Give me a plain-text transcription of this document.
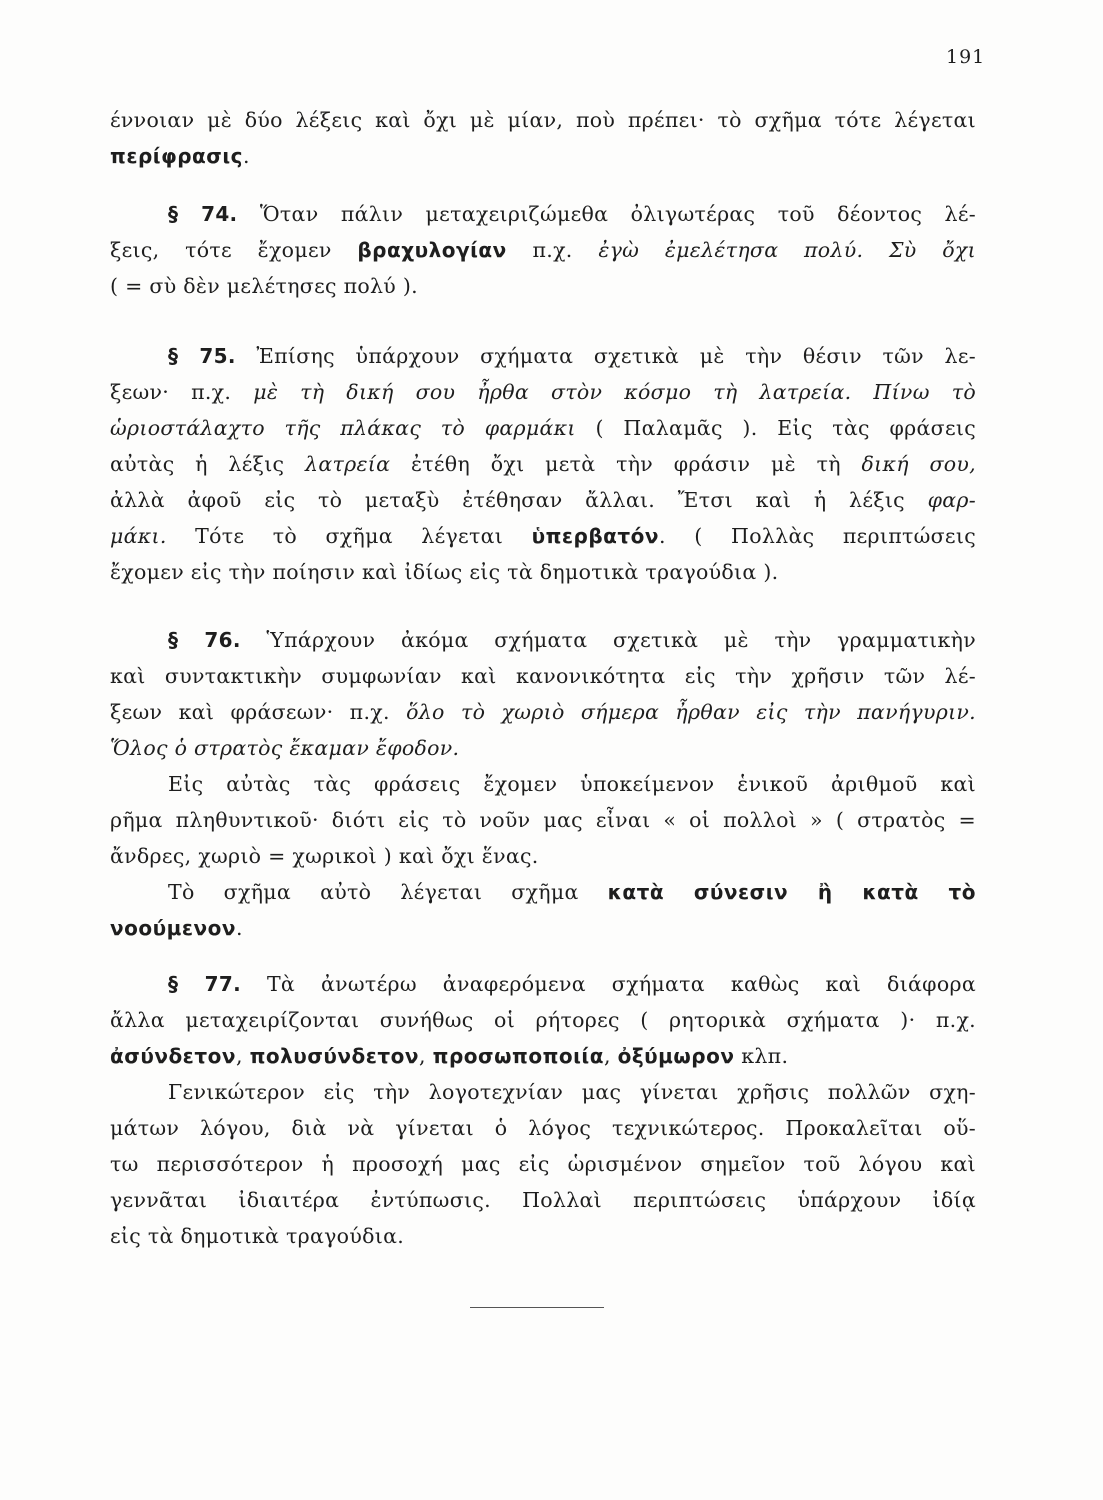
191
έννοιαν μὲ δύο λέξεις καὶ ὄχι μὲ μίαν, ποὺ πρέπει· τὸ σχῆμα τότε λέγεται
περίφρασις.
§ 74. Ὅταν πάλιν μεταχειριζώμεθα ὀλιγωτέρας τοῦ δέοντος λέ-
ξεις, τότε ἔχομεν βραχυλογίαν π.χ. ἐγὼ ἐμελέτησα πολύ. Σὺ ὄχι
( = σὺ δὲν μελέτησες πολύ ).
§ 75. Ἐπίσης ὑπάρχουν σχήματα σχετικὰ μὲ τὴν θέσιν τῶν λε-
ξεων· π.χ. μὲ τὴ δική σου ἦρθα στὸν κόσμο τὴ λατρεία. Πίνω τὸ
ὡριοστάλαχτο τῆς πλάκας τὸ φαρμάκι ( Παλαμᾶς ). Εἰς τὰς φράσεις
αὐτὰς ἡ λέξις λατρεία ἐτέθη ὄχι μετὰ τὴν φράσιν μὲ τὴ δική σου,
ἀλλὰ ἀφοῦ εἰς τὸ μεταξὺ ἐτέθησαν ἄλλαι. Ἔτσι καὶ ἡ λέξις φαρ-
μάκι. Τότε τὸ σχῆμα λέγεται ὑπερβατόν. ( Πολλὰς περιπτώσεις
ἔχομεν εἰς τὴν ποίησιν καὶ ἰδίως εἰς τὰ δημοτικὰ τραγούδια ).
§ 76. Ὑπάρχουν ἀκόμα σχήματα σχετικὰ μὲ τὴν γραμματικὴν
καὶ συντακτικὴν συμφωνίαν καὶ κανονικότητα εἰς τὴν χρῆσιν τῶν λέ-
ξεων καὶ φράσεων· π.χ. ὅλο τὸ χωριὸ σήμερα ἦρθαν εἰς τὴν πανήγυριν.
Ὅλος ὁ στρατὸς ἔκαμαν ἔφοδον.
Εἰς αὐτὰς τὰς φράσεις ἔχομεν ὑποκείμενον ἑνικοῦ ἀριθμοῦ καὶ
ρῆμα πληθυντικοῦ· διότι εἰς τὸ νοῦν μας εἶναι « οἱ πολλοὶ » ( στρατὸς =
ἄνδρες, χωριὸ = χωρικοὶ ) καὶ ὄχι ἕνας.
Τὸ σχῆμα αὐτὸ λέγεται σχῆμα κατὰ σύνεσιν ἢ κατὰ τὸ
νοούμενον.
§ 77. Τὰ ἀνωτέρω ἀναφερόμενα σχήματα καθὼς καὶ διάφορα
ἄλλα μεταχειρίζονται συνήθως οἱ ρήτορες ( ρητορικὰ σχήματα )· π.χ.
ἀσύνδετον, πολυσύνδετον, προσωποποιία, ὀξύμωρον κλπ.
Γενικώτερον εἰς τὴν λογοτεχνίαν μας γίνεται χρῆσις πολλῶν σχη-
μάτων λόγου, διὰ νὰ γίνεται ὁ λόγος τεχνικώτερος. Προκαλεῖται οὕ-
τω περισσότερον ἡ προσοχή μας εἰς ὡρισμένον σημεῖον τοῦ λόγου καὶ
γεννᾶται ἰδιαιτέρα ἐντύπωσις. Πολλαὶ περιπτώσεις ὑπάρχουν ἰδίᾳ
εἰς τὰ δημοτικὰ τραγούδια.
